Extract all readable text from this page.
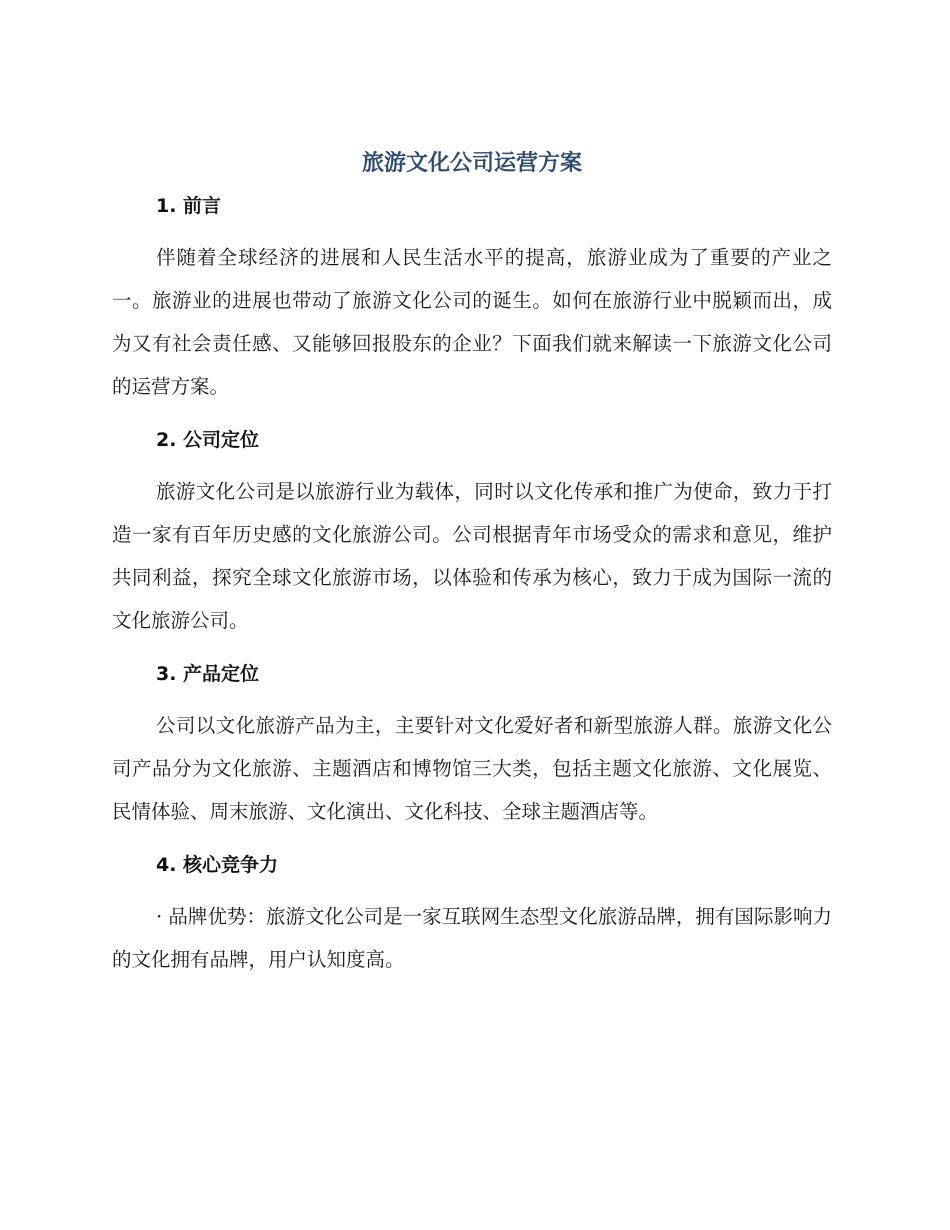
旅游文化公司运营方案
1. 前言

伴随着全球经济的进展和人民生活水平的提高，旅游业成为了重要的产业之一。旅游业的进展也带动了旅游文化公司的诞生。如何在旅游行业中脱颖而出，成为又有社会责任感、又能够回报股东的企业？下面我们就来解读一下旅游文化公司的运营方案。

2. 公司定位

旅游文化公司是以旅游行业为载体，同时以文化传承和推广为使命，致力于打造一家有百年历史感的文化旅游公司。公司根据青年市场受众的需求和意见，维护共同利益，探究全球文化旅游市场，以体验和传承为核心，致力于成为国际一流的文化旅游公司。

3. 产品定位

公司以文化旅游产品为主，主要针对文化爱好者和新型旅游人群。旅游文化公司产品分为文化旅游、主题酒店和博物馆三大类，包括主题文化旅游、文化展览、民情体验、周末旅游、文化演出、文化科技、全球主题酒店等。

4. 核心竞争力

· 品牌优势：旅游文化公司是一家互联网生态型文化旅游品牌，拥有国际影响力的文化拥有品牌，用户认知度高。
